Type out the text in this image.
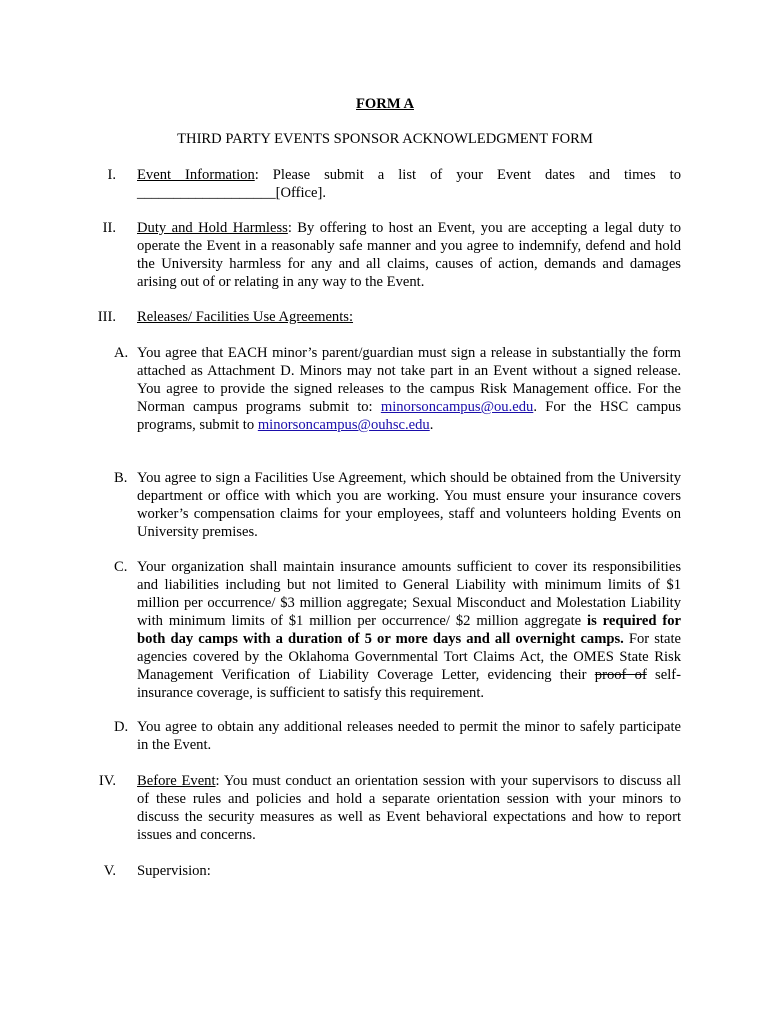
FORM A
THIRD PARTY EVENTS SPONSOR ACKNOWLEDGMENT FORM
I. Event Information: Please submit a list of your Event dates and times to ___________________[Office].

II. Duty and Hold Harmless: By offering to host an Event, you are accepting a legal duty to operate the Event in a reasonably safe manner and you agree to indemnify, defend and hold the University harmless for any and all claims, causes of action, demands and damages arising out of or relating in any way to the Event.

III. Releases/ Facilities Use Agreements:

A. You agree that EACH minor’s parent/guardian must sign a release in substantially the form attached as Attachment D. Minors may not take part in an Event without a signed release. You agree to provide the signed releases to the campus Risk Management office. For the Norman campus programs submit to: minorsoncampus@ou.edu. For the HSC campus programs, submit to minorsoncampus@ouhsc.edu.

B. You agree to sign a Facilities Use Agreement, which should be obtained from the University department or office with which you are working. You must ensure your insurance covers worker’s compensation claims for your employees, staff and volunteers holding Events on University premises.

C. Your organization shall maintain insurance amounts sufficient to cover its responsibilities and liabilities including but not limited to General Liability with minimum limits of $1 million per occurrence/ $3 million aggregate; Sexual Misconduct and Molestation Liability with minimum limits of $1 million per occurrence/ $2 million aggregate is required for both day camps with a duration of 5 or more days and all overnight camps. For state agencies covered by the Oklahoma Governmental Tort Claims Act, the OMES State Risk Management Verification of Liability Coverage Letter, evidencing their proof of self-insurance coverage, is sufficient to satisfy this requirement.

D. You agree to obtain any additional releases needed to permit the minor to safely participate in the Event.

IV. Before Event: You must conduct an orientation session with your supervisors to discuss all of these rules and policies and hold a separate orientation session with your minors to discuss the security measures as well as Event behavioral expectations and how to report issues and concerns.

V. Supervision:
